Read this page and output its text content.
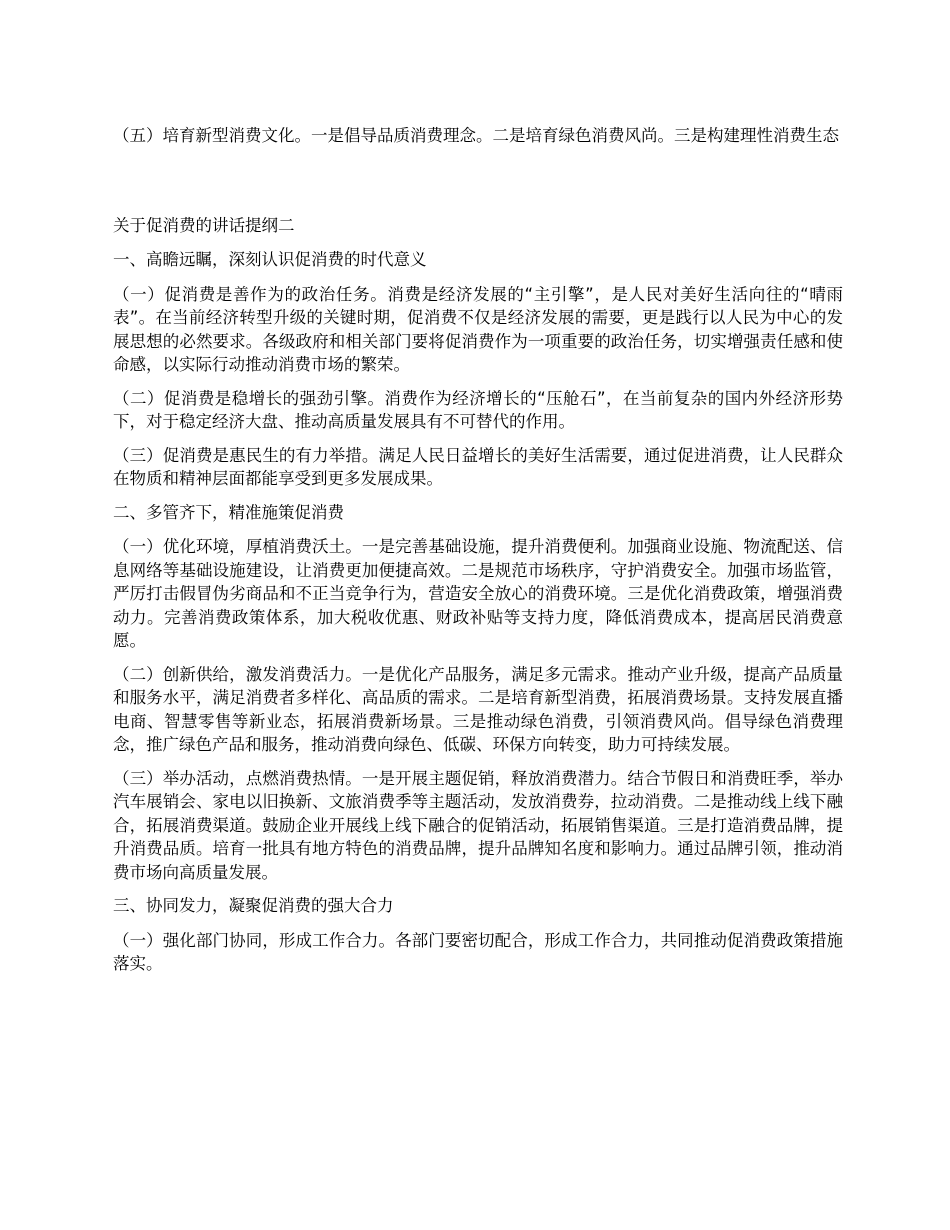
（五）培育新型消费文化。一是倡导品质消费理念。二是培育绿色消费风尚。三是构建理性消费生态

关于促消费的讲话提纲二

一、高瞻远瞩，深刻认识促消费的时代意义

（一）促消费是善作为的政治任务。消费是经济发展的“主引擎”，是人民对美好生活向往的“晴雨表”。在当前经济转型升级的关键时期，促消费不仅是经济发展的需要，更是践行以人民为中心的发展思想的必然要求。各级政府和相关部门要将促消费作为一项重要的政治任务，切实增强责任感和使命感，以实际行动推动消费市场的繁荣。

（二）促消费是稳增长的强劲引擎。消费作为经济增长的“压舱石”，在当前复杂的国内外经济形势下，对于稳定经济大盘、推动高质量发展具有不可替代的作用。

（三）促消费是惠民生的有力举措。满足人民日益增长的美好生活需要，通过促进消费，让人民群众在物质和精神层面都能享受到更多发展成果。

二、多管齐下，精准施策促消费

（一）优化环境，厚植消费沃土。一是完善基础设施，提升消费便利。加强商业设施、物流配送、信息网络等基础设施建设，让消费更加便捷高效。二是规范市场秩序，守护消费安全。加强市场监管，严厉打击假冒伪劣商品和不正当竞争行为，营造安全放心的消费环境。三是优化消费政策，增强消费动力。完善消费政策体系，加大税收优惠、财政补贴等支持力度，降低消费成本，提高居民消费意愿。

（二）创新供给，激发消费活力。一是优化产品服务，满足多元需求。推动产业升级，提高产品质量和服务水平，满足消费者多样化、高品质的需求。二是培育新型消费，拓展消费场景。支持发展直播电商、智慧零售等新业态，拓展消费新场景。三是推动绿色消费，引领消费风尚。倡导绿色消费理念，推广绿色产品和服务，推动消费向绿色、低碳、环保方向转变，助力可持续发展。

（三）举办活动，点燃消费热情。一是开展主题促销，释放消费潜力。结合节假日和消费旺季，举办汽车展销会、家电以旧换新、文旅消费季等主题活动，发放消费券，拉动消费。二是推动线上线下融合，拓展消费渠道。鼓励企业开展线上线下融合的促销活动，拓展销售渠道。三是打造消费品牌，提升消费品质。培育一批具有地方特色的消费品牌，提升品牌知名度和影响力。通过品牌引领，推动消费市场向高质量发展。

三、协同发力，凝聚促消费的强大合力

（一）强化部门协同，形成工作合力。各部门要密切配合，形成工作合力，共同推动促消费政策措施落实。
